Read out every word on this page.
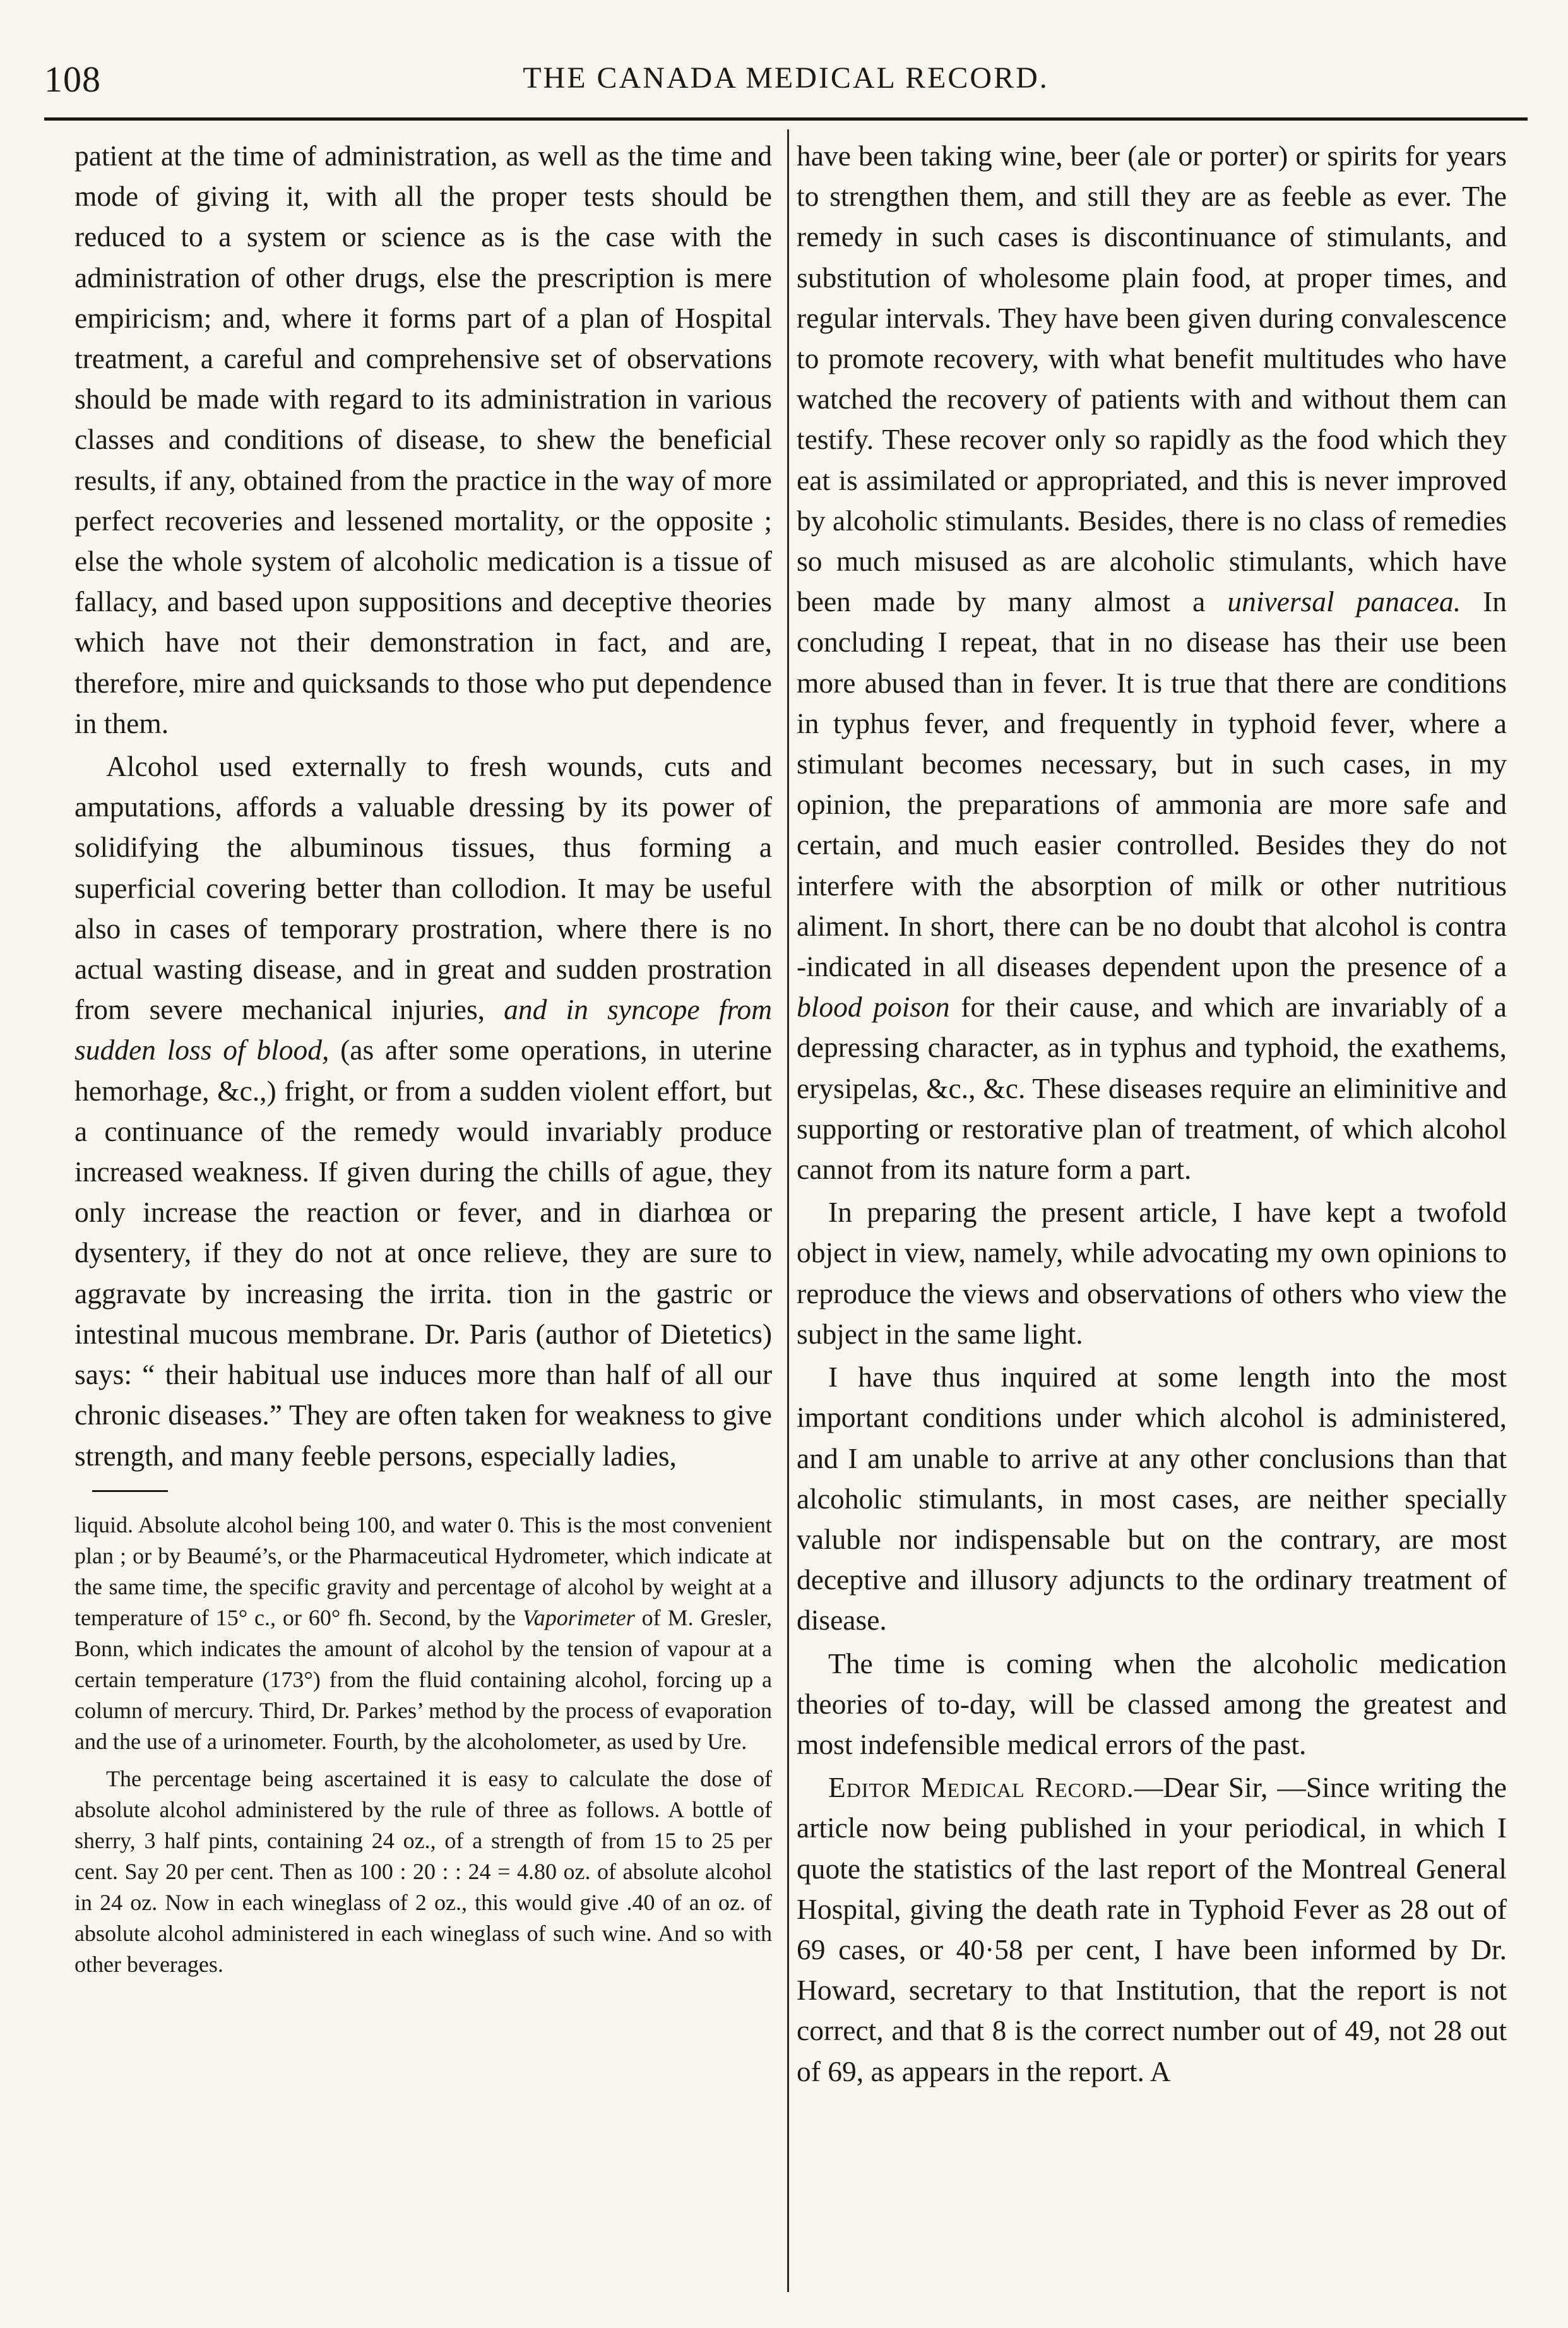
108	THE CANADA MEDICAL RECORD.

patient at the time of administration, as well as the time and mode of giving it, with all the proper tests should be reduced to a system or science as is the case with the administration of other drugs, else the prescription is mere empiricism; and, where it forms part of a plan of Hospital treatment, a careful and comprehensive set of observations should be made with regard to its administration in various classes and conditions of disease, to shew the beneficial results, if any, obtained from the practice in the way of more perfect recoveries and lessened mortality, or the opposite ; else the whole system of alcoholic medication is a tissue of fallacy, and based upon suppositions and deceptive theories which have not their demonstration in fact, and are, therefore, mire and quicksands to those who put dependence in them.

Alcohol used externally to fresh wounds, cuts and amputations, affords a valuable dressing by its power of solidifying the albuminous tissues, thus forming a superficial covering better than collodion. It may be useful also in cases of temporary prostration, where there is no actual wasting disease, and in great and sudden prostration from severe mechanical injuries, and in syncope from sudden loss of blood, (as after some operations, in uterine hemorhage, &c.,) fright, or from a sudden violent effort, but a continuance of the remedy would invariably produce increased weakness. If given during the chills of ague, they only increase the reaction or fever, and in diarhœa or dysentery, if they do not at once relieve, they are sure to aggravate by increasing the irrita. tion in the gastric or intestinal mucous membrane. Dr. Paris (author of Dietetics) says: “ their habitual use induces more than half of all our chronic diseases.” They are often taken for weakness to give strength, and many feeble persons, especially ladies,

liquid. Absolute alcohol being 100, and water 0. This is the most convenient plan ; or by Beaumé’s, or the Pharmaceutical Hydrometer, which indicate at the same time, the specific gravity and percentage of alcohol by weight at a temperature of 15° c., or 60° fh. Second, by the Vaporimeter of M. Gresler, Bonn, which indicates the amount of alcohol by the tension of vapour at a certain temperature (173°) from the fluid containing alcohol, forcing up a column of mercury. Third, Dr. Parkes’ method by the process of evaporation and the use of a urinometer. Fourth, by the alcoholometer, as used by Ure.

The percentage being ascertained it is easy to calculate the dose of absolute alcohol administered by the rule of three as follows. A bottle of sherry, 3 half pints, containing 24 oz., of a strength of from 15 to 25 per cent. Say 20 per cent. Then as 100 : 20 : : 24 = 4.80 oz. of absolute alcohol in 24 oz. Now in each wineglass of 2 oz., this would give .40 of an oz. of absolute alcohol administered in each wineglass of such wine. And so with other beverages.

have been taking wine, beer (ale or porter) or spirits for years to strengthen them, and still they are as feeble as ever. The remedy in such cases is discontinuance of stimulants, and substitution of wholesome plain food, at proper times, and regular intervals. They have been given during convalescence to promote recovery, with what benefit multitudes who have watched the recovery of patients with and without them can testify. These recover only so rapidly as the food which they eat is assimilated or appropriated, and this is never improved by alcoholic stimulants. Besides, there is no class of remedies so much misused as are alcoholic stimulants, which have been made by many almost a universal panacea. In concluding I repeat, that in no disease has their use been more abused than in fever. It is true that there are conditions in typhus fever, and frequently in typhoid fever, where a stimulant becomes necessary, but in such cases, in my opinion, the preparations of ammonia are more safe and certain, and much easier controlled. Besides they do not interfere with the absorption of milk or other nutritious aliment. In short, there can be no doubt that alcohol is contra -indicated in all diseases dependent upon the presence of a blood poison for their cause, and which are invariably of a depressing character, as in typhus and typhoid, the exathems, erysipelas, &c., &c. These diseases require an eliminitive and supporting or restorative plan of treatment, of which alcohol cannot from its nature form a part.

In preparing the present article, I have kept a twofold object in view, namely, while advocating my own opinions to reproduce the views and observations of others who view the subject in the same light.

I have thus inquired at some length into the most important conditions under which alcohol is administered, and I am unable to arrive at any other conclusions than that alcoholic stimulants, in most cases, are neither specially valuble nor indispensable but on the contrary, are most deceptive and illusory adjuncts to the ordinary treatment of disease.

The time is coming when the alcoholic medication theories of to-day, will be classed among the greatest and most indefensible medical errors of the past.

Editor Medical Record.—Dear Sir, —Since writing the article now being published in your periodical, in which I quote the statistics of the last report of the Montreal General Hospital, giving the death rate in Typhoid Fever as 28 out of 69 cases, or 40·58 per cent, I have been informed by Dr. Howard, secretary to that Institution, that the report is not correct, and that 8 is the correct number out of 49, not 28 out of 69, as appears in the report. A
